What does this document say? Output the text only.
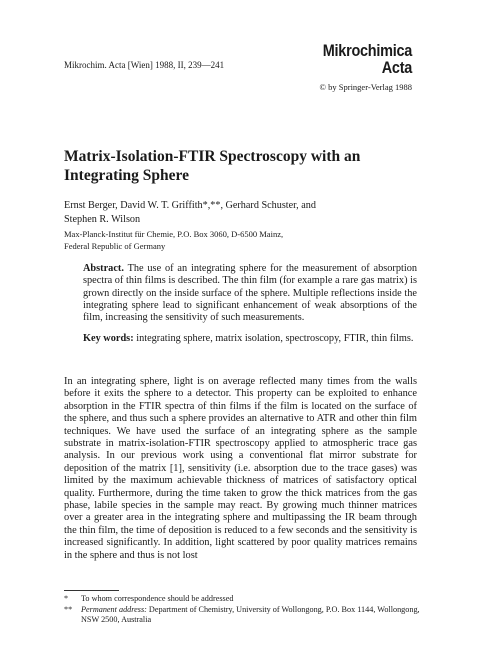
Mikrochim. Acta [Wien] 1988, II, 239—241
Mikrochimica
Acta
© by Springer-Verlag 1988
Matrix-Isolation-FTIR Spectroscopy with an
Integrating Sphere
Ernst Berger, David W. T. Griffith*,**, Gerhard Schuster, and
Stephen R. Wilson
Max-Planck-Institut für Chemie, P.O. Box 3060, D-6500 Mainz,
Federal Republic of Germany
Abstract. The use of an integrating sphere for the measurement of absorption spectra of thin films is described. The thin film (for example a rare gas matrix) is grown directly on the inside surface of the sphere. Multiple reflections inside the integrating sphere lead to significant enhancement of weak absorptions of the film, increasing the sensitivity of such measurements.
Key words: integrating sphere, matrix isolation, spectroscopy, FTIR, thin films.
In an integrating sphere, light is on average reflected many times from the walls before it exits the sphere to a detector. This property can be exploited to enhance absorption in the FTIR spectra of thin films if the film is located on the surface of the sphere, and thus such a sphere provides an alternative to ATR and other thin film techniques. We have used the surface of an integrating sphere as the sample substrate in matrix-isolation-FTIR spectroscopy applied to atmospheric trace gas analysis. In our previous work using a conventional flat mirror substrate for deposition of the matrix [1], sensitivity (i.e. absorption due to the trace gases) was limited by the maximum achievable thickness of matrices of satisfactory optical quality. Furthermore, during the time taken to grow the thick matrices from the gas phase, labile species in the sample may react. By growing much thinner matrices over a greater area in the integrating sphere and multipassing the IR beam through the thin film, the time of deposition is reduced to a few seconds and the sensitivity is increased significantly. In addition, light scattered by poor quality matrices remains in the sphere and thus is not lost
*	To whom correspondence should be addressed
**	Permanent address: Department of Chemistry, University of Wollongong, P.O. Box 1144, Wollongong, NSW 2500, Australia
